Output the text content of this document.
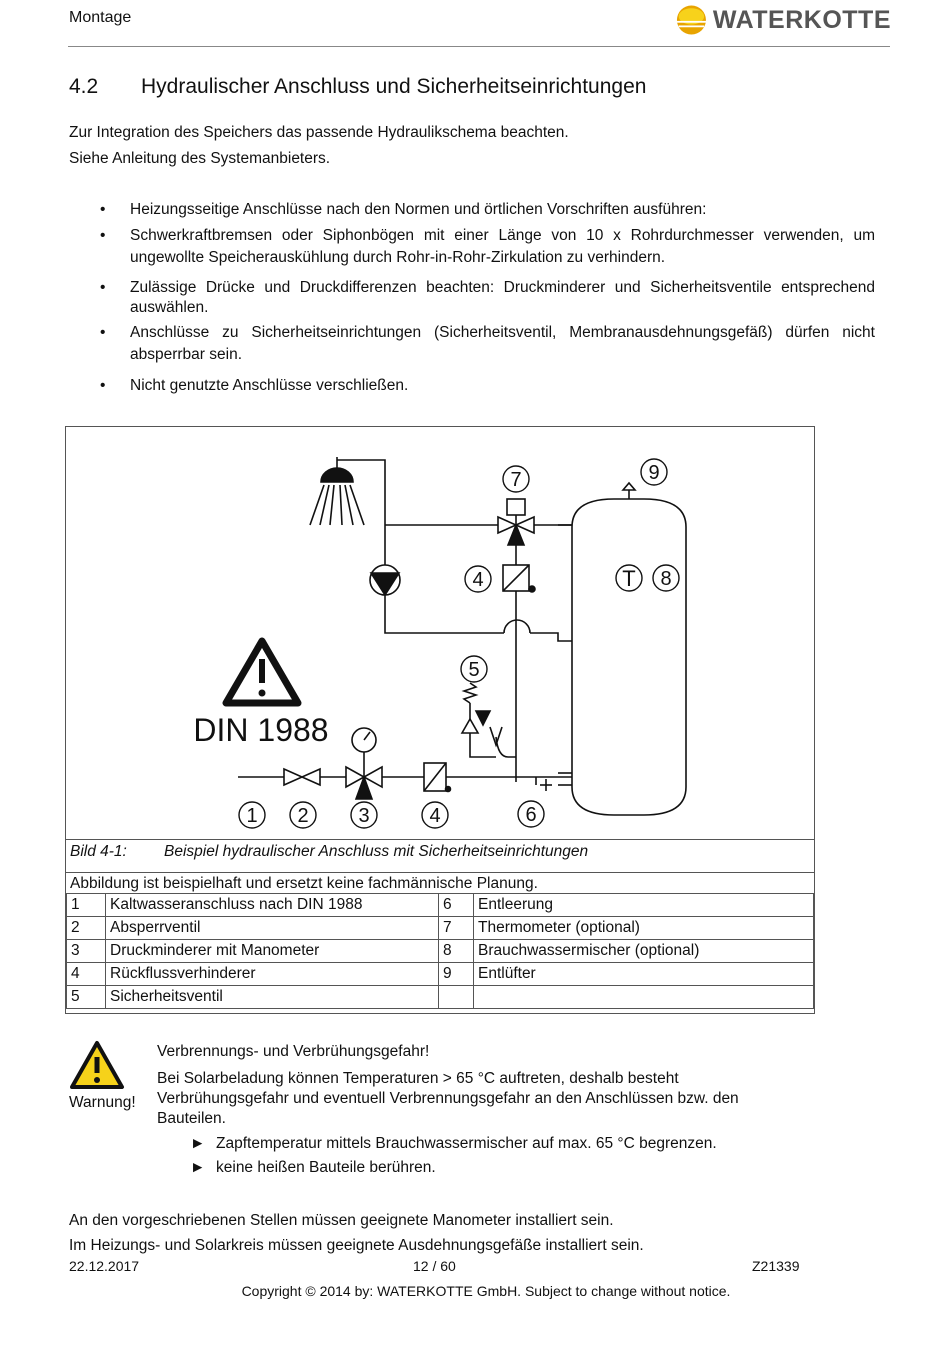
Montage	WATERKOTTE
4.2 Hydraulischer Anschluss und Sicherheitseinrichtungen
Zur Integration des Speichers das passende Hydraulikschema beachten.
Siehe Anleitung des Systemanbieters.
• Heizungsseitige Anschlüsse nach den Normen und örtlichen Vorschriften ausführen:
• Schwerkraftbremsen oder Siphonbögen mit einer Länge von 10 x Rohrdurchmesser verwenden, um ungewollte Speicherauskühlung durch Rohr-in-Rohr-Zirkulation zu verhindern.
• Zulässige Drücke und Druckdifferenzen beachten: Druckminderer und Sicherheitsventile entsprechend auswählen.
• Anschlüsse zu Sicherheitseinrichtungen (Sicherheitsventil, Membranausdehnungsgefäß) dürfen nicht absperrbar sein.
• Nicht genutzte Anschlüsse verschließen.
7	9
4	T 8
5
1 2 3	4	6
DIN 1988
Bild 4-1: Beispiel hydraulischer Anschluss mit Sicherheitseinrichtungen
Abbildung ist beispielhaft und ersetzt keine fachmännische Planung.
1	Kaltwasseranschluss nach DIN 1988	6	Entleerung
2	Absperrventil	7	Thermometer (optional)
3	Druckminderer mit Manometer	8	Brauchwassermischer (optional)
4	Rückflussverhinderer	9	Entlüfter
5	Sicherheitsventil		
Warnung!
Verbrennungs- und Verbrühungsgefahr!
Bei Solarbeladung können Temperaturen > 65 °C auftreten, deshalb besteht Verbrühungsgefahr und eventuell Verbrennungsgefahr an den Anschlüssen bzw. den Bauteilen.
► Zapftemperatur mittels Brauchwassermischer auf max. 65 °C begrenzen.
► keine heißen Bauteile berühren.
An den vorgeschriebenen Stellen müssen geeignete Manometer installiert sein.
Im Heizungs- und Solarkreis müssen geeignete Ausdehnungsgefäße installiert sein.
22.12.2017	12 / 60	Z21339
Copyright © 2014 by: WATERKOTTE GmbH. Subject to change without notice.
